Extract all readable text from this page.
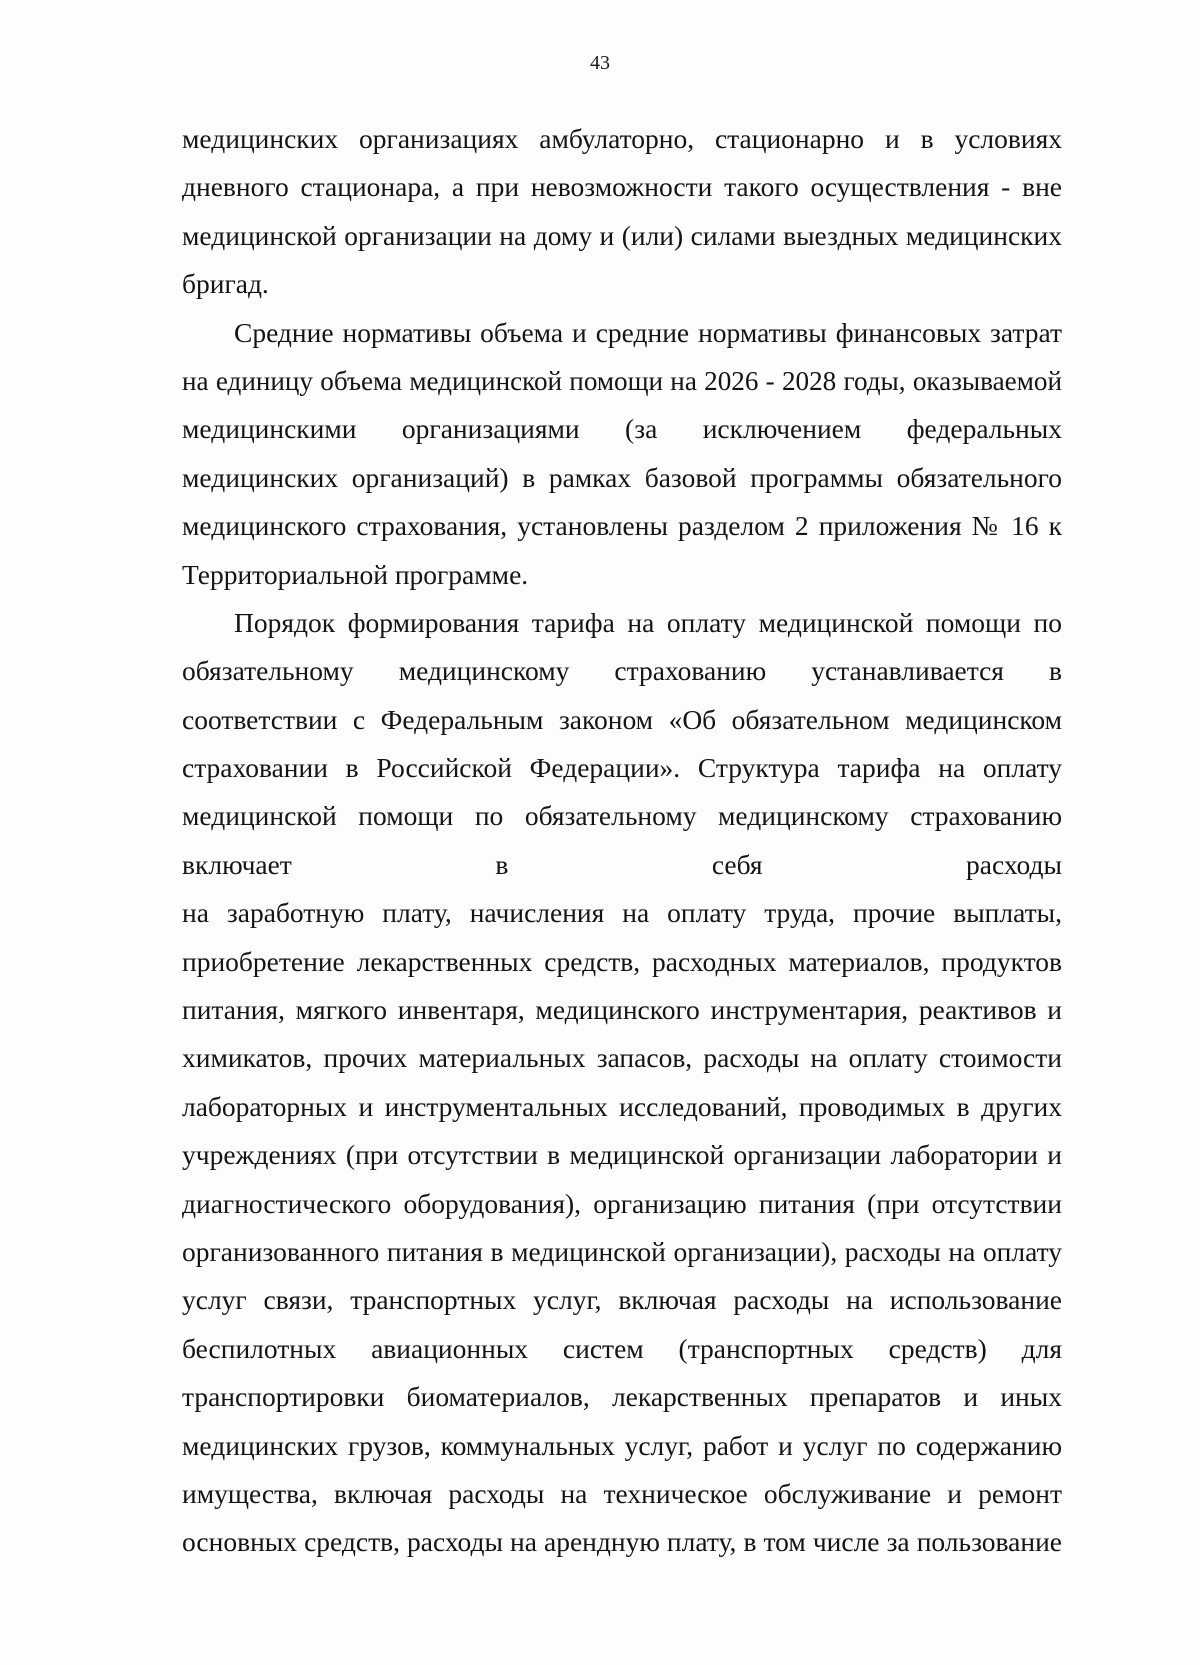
43
медицинских организациях амбулаторно, стационарно и в условиях
дневного стационара, а при невозможности такого осуществления - вне
медицинской организации на дому и (или) силами выездных медицинских
бригад.
Средние нормативы объема и средние нормативы финансовых затрат
на единицу объема медицинской помощи на 2026 - 2028 годы, оказываемой
медицинскими организациями (за исключением федеральных
медицинских организаций) в рамках базовой программы обязательного
медицинского страхования, установлены разделом 2 приложения № 16 к
Территориальной программе.
Порядок формирования тарифа на оплату медицинской помощи по
обязательному медицинскому страхованию устанавливается в
соответствии с Федеральным законом «Об обязательном медицинском
страховании в Российской Федерации». Структура тарифа на оплату
медицинской помощи по обязательному медицинскому страхованию
включает в себя расходы
на заработную плату, начисления на оплату труда, прочие выплаты,
приобретение лекарственных средств, расходных материалов, продуктов
питания, мягкого инвентаря, медицинского инструментария, реактивов и
химикатов, прочих материальных запасов, расходы на оплату стоимости
лабораторных и инструментальных исследований, проводимых в других
учреждениях (при отсутствии в медицинской организации лаборатории и
диагностического оборудования), организацию питания (при отсутствии
организованного питания в медицинской организации), расходы на оплату
услуг связи, транспортных услуг, включая расходы на использование
беспилотных авиационных систем (транспортных средств) для
транспортировки биоматериалов, лекарственных препаратов и иных
медицинских грузов, коммунальных услуг, работ и услуг по содержанию
имущества, включая расходы на техническое обслуживание и ремонт
основных средств, расходы на арендную плату, в том числе за пользование
